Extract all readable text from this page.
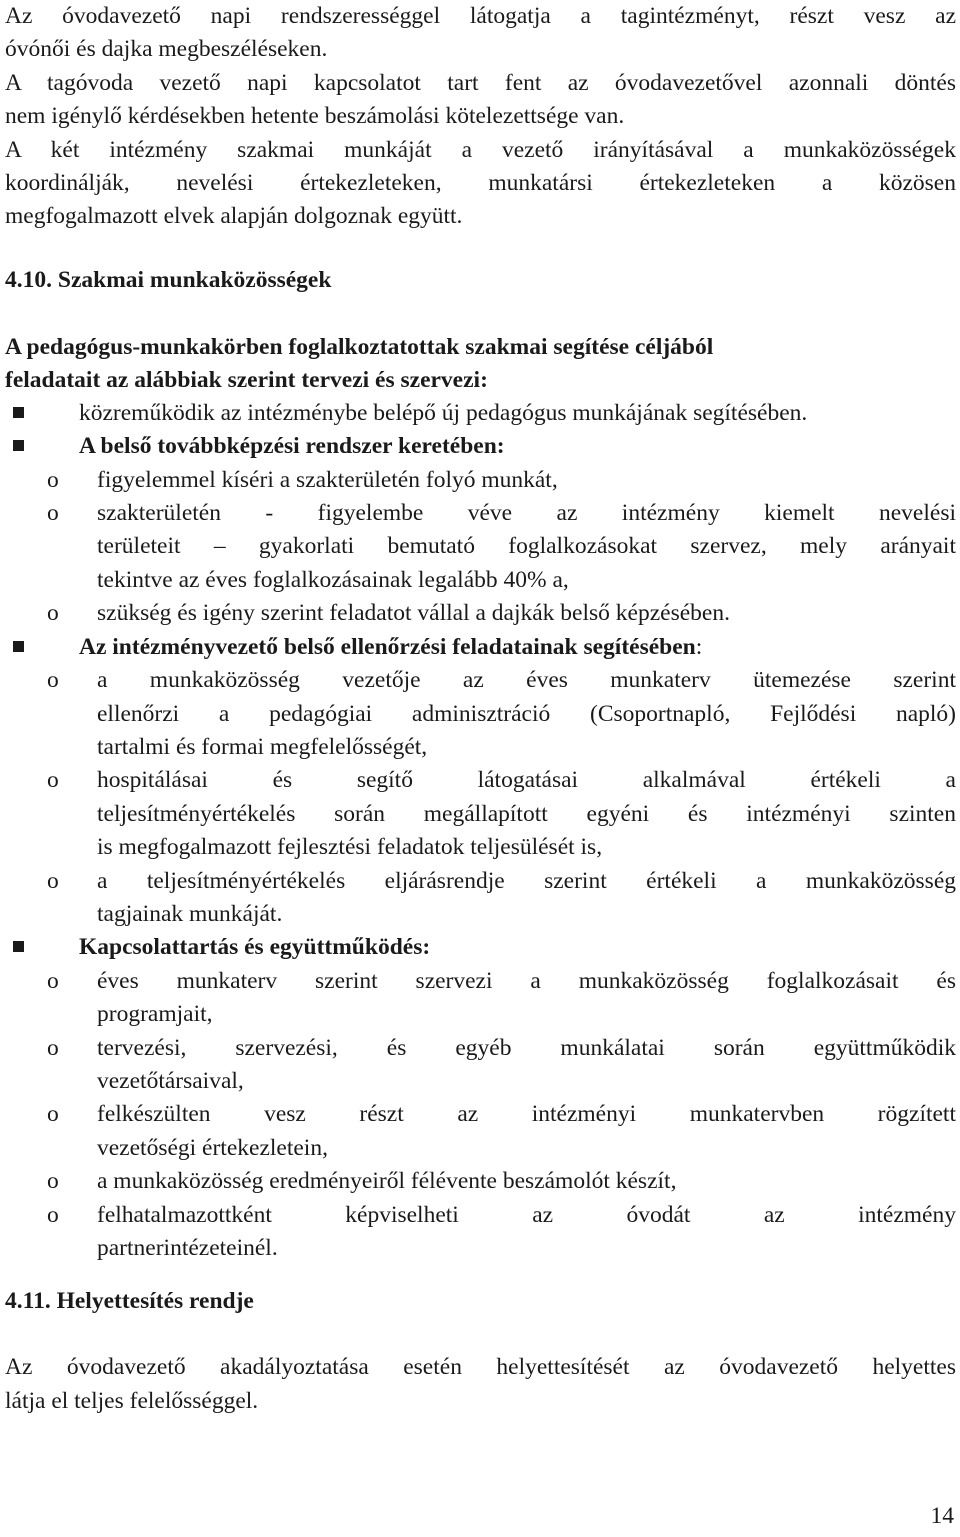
Az óvodavezető napi rendszerességgel látogatja a tagintézményt, részt vesz az
óvónői és dajka megbeszéléseken.
A tagóvoda vezető napi kapcsolatot tart fent az óvodavezetővel azonnali döntés
nem igénylő kérdésekben hetente beszámolási kötelezettsége van.
A két intézmény szakmai munkáját a vezető irányításával a munkaközösségek
koordinálják, nevelési értekezleteken, munkatársi értekezleteken a közösen
megfogalmazott elvek alapján dolgoznak együtt.

4.10. Szakmai munkaközösségek

A pedagógus-munkakörben foglalkoztatottak szakmai segítése céljából
feladatait az alábbiak szerint tervezi és szervezi:

közreműködik az intézménybe belépő új pedagógus munkájának segítésében.
A belső továbbképzési rendszer keretében:
o figyelemmel kíséri a szakterületén folyó munkát,
o szakterületén - figyelembe véve az intézmény kiemelt nevelési
területeit – gyakorlati bemutató foglalkozásokat szervez, mely arányait
tekintve az éves foglalkozásainak legalább 40% a,
o szükség és igény szerint feladatot vállal a dajkák belső képzésében.
Az intézményvezető belső ellenőrzési feladatainak segítésében:
o a munkaközösség vezetője az éves munkaterv ütemezése szerint
ellenőrzi a pedagógiai adminisztráció (Csoportnapló, Fejlődési napló)
tartalmi és formai megfelelősségét,
o hospitálásai és segítő látogatásai alkalmával értékeli a
teljesítményértékelés során megállapított egyéni és intézményi szinten
is megfogalmazott fejlesztési feladatok teljesülését is,
o a teljesítményértékelés eljárásrendje szerint értékeli a munkaközösség
tagjainak munkáját.
Kapcsolattartás és együttműködés:
o éves munkaterv szerint szervezi a munkaközösség foglalkozásait és
programjait,
o tervezési, szervezési, és egyéb munkálatai során együttműködik
vezetőtársaival,
o felkészülten vesz részt az intézményi munkatervben rögzített
vezetőségi értekezletein,
o a munkaközösség eredményeiről félévente beszámolót készít,
o felhatalmazottként képviselheti az óvodát az intézmény
partnerintézeteinél.

4.11. Helyettesítés rendje

Az óvodavezető akadályoztatása esetén helyettesítését az óvodavezető helyettes
látja el teljes felelősséggel.
14
